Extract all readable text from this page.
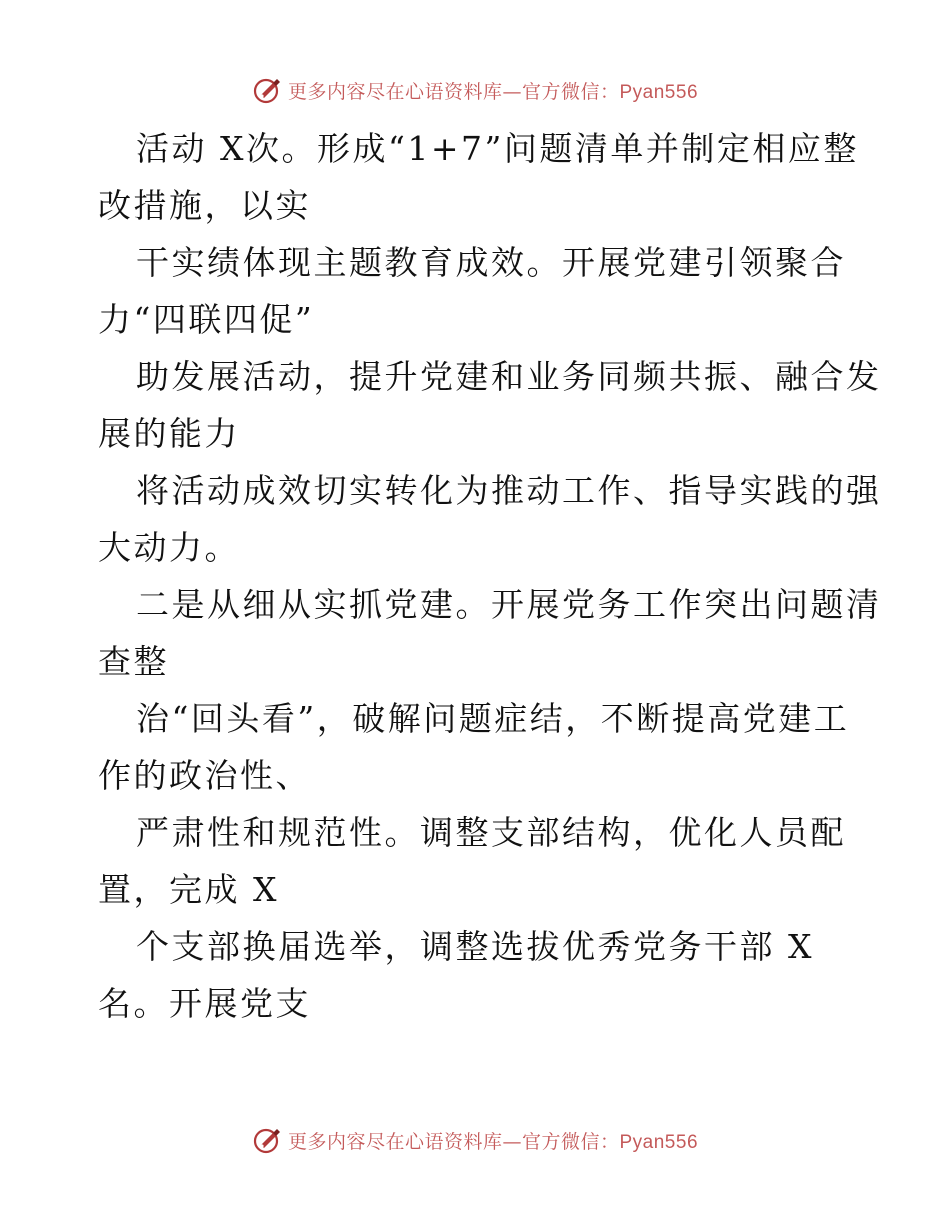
更多内容尽在心语资料库—官方微信：Pyan556

活动 X次。形成“1+7”问题清单并制定相应整

改措施，以实

干实绩体现主题教育成效。开展党建引领聚合

力“四联四促”

助发展活动，提升党建和业务同频共振、融合发

展的能力

将活动成效切实转化为推动工作、指导实践的强

大动力。

二是从细从实抓党建。开展党务工作突出问题清

查整

治“回头看”，破解问题症结，不断提高党建工

作的政治性、

严肃性和规范性。调整支部结构，优化人员配

置，完成 X

个支部换届选举，调整选拔优秀党务干部 X

名。开展党支

更多内容尽在心语资料库—官方微信：Pyan556
